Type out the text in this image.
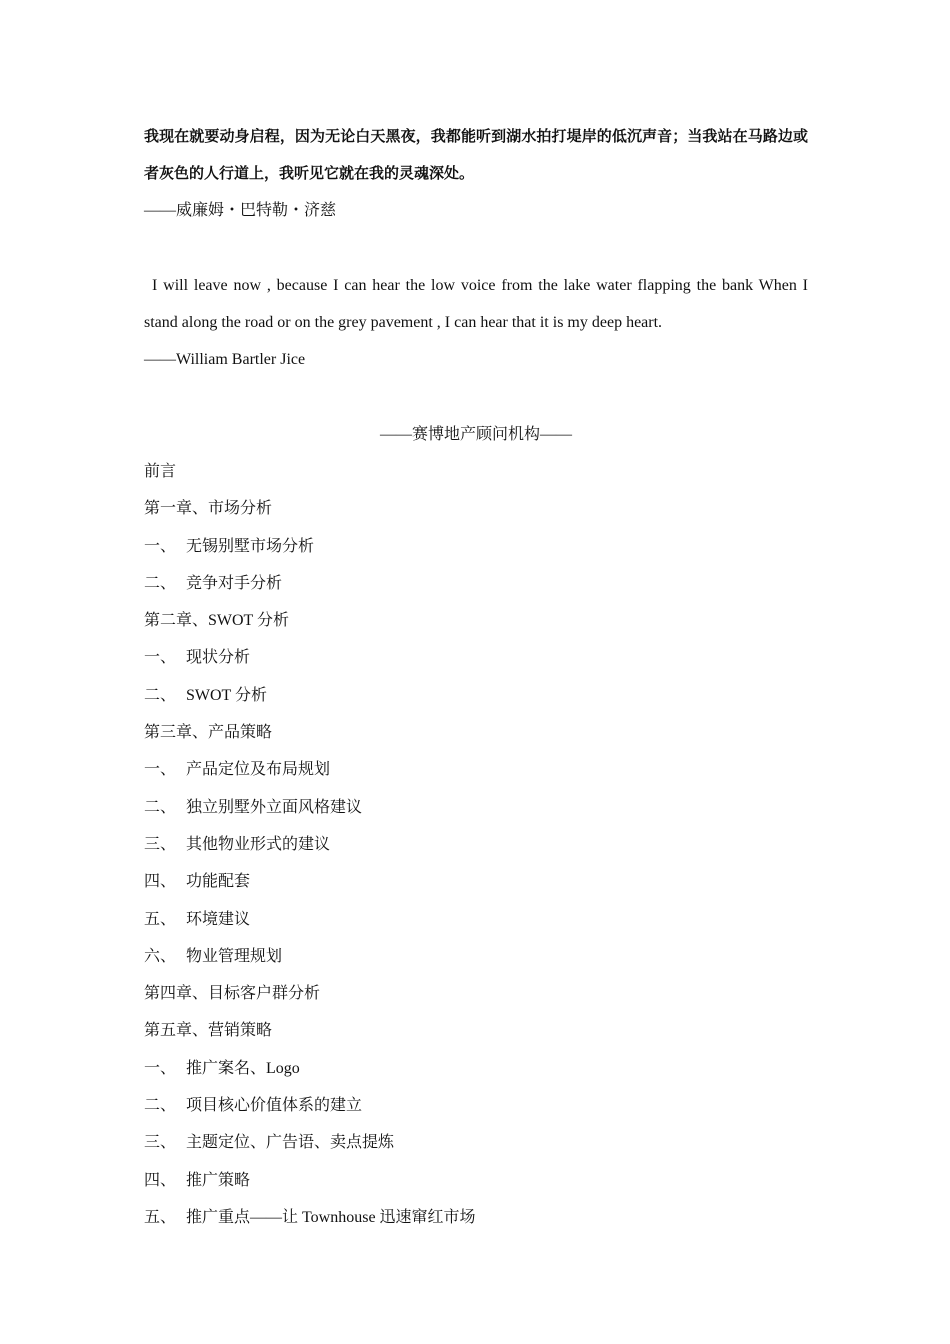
我现在就要动身启程，因为无论白天黑夜，我都能听到湖水拍打堤岸的低沉声音；当我站在马路边或者灰色的人行道上，我听见它就在我的灵魂深处。

——威廉姆・巴特勒・济慈

I will leave now , because I can hear the low voice from the lake water flapping the bank When I stand along the road or on the grey pavement , I can hear that it is my deep heart.

——William Bartler Jice

——赛博地产顾问机构——

前言

第一章、市场分析

一、 无锡别墅市场分析

二、 竞争对手分析

第二章、SWOT 分析

一、 现状分析

二、 SWOT 分析

第三章、产品策略

一、 产品定位及布局规划

二、 独立别墅外立面风格建议

三、 其他物业形式的建议

四、 功能配套

五、 环境建议

六、 物业管理规划

第四章、目标客户群分析

第五章、营销策略

一、 推广案名、Logo

二、 项目核心价值体系的建立

三、 主题定位、广告语、卖点提炼

四、 推广策略

五、 推广重点——让 Townhouse 迅速窜红市场
